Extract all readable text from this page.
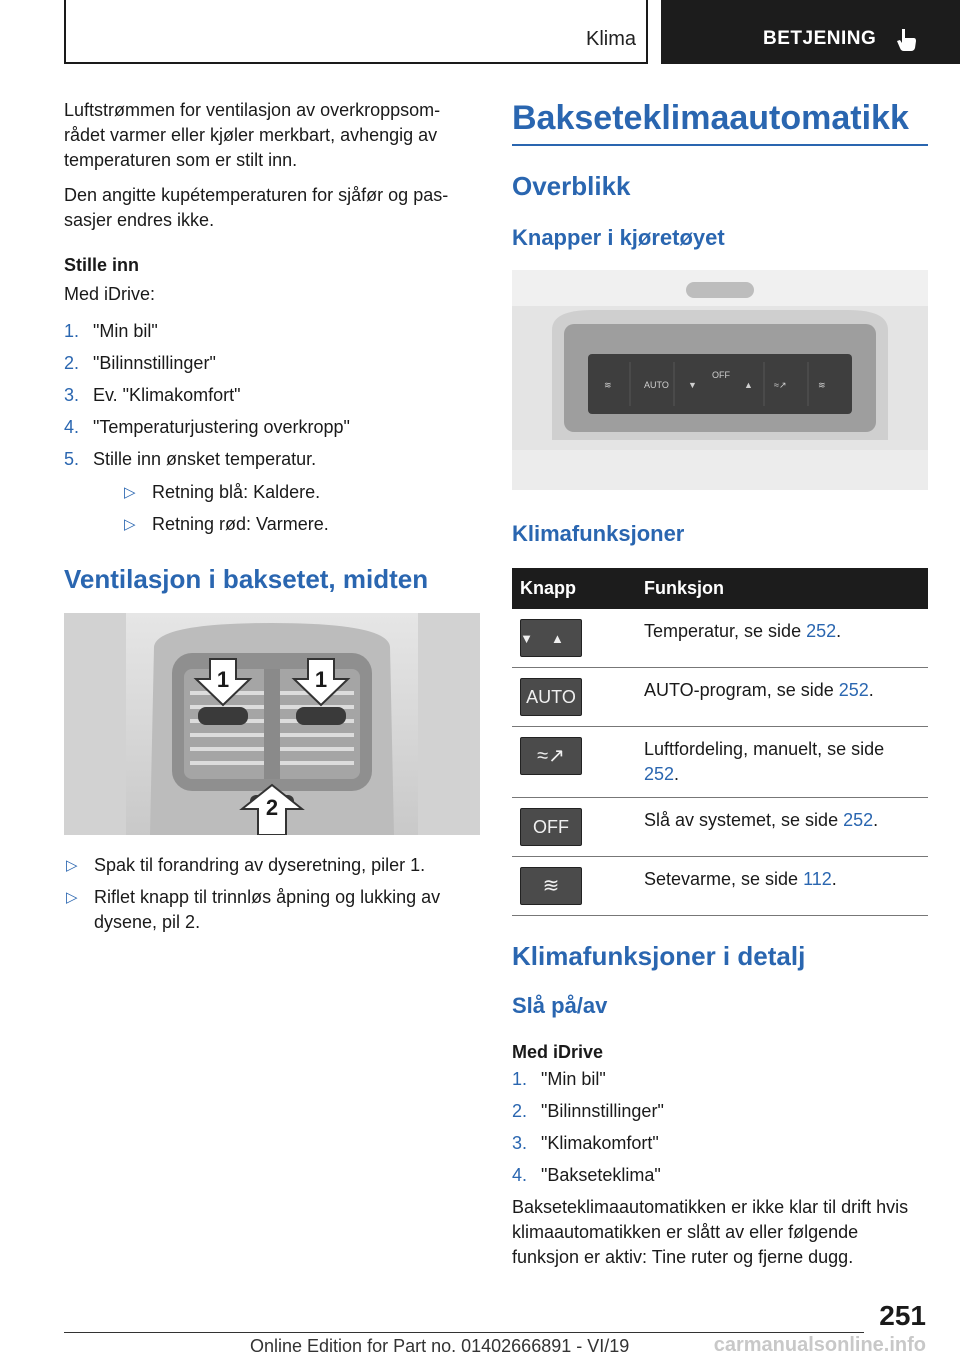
Klima	BETJENING

Luftstrømmen for ventilasjon av overkroppsom‐rådet varmer eller kjøler merkbart, avhengig av temperaturen som er stilt inn.

Den angitte kupétemperaturen for sjåfør og pas‐sasjer endres ikke.

Stille inn

Med iDrive:

1. "Min bil"
2. "Bilinnstillinger"
3. Ev. "Klimakomfort"
4. "Temperaturjustering overkropp"
5. Stille inn ønsket temperatur.
▷ Retning blå: Kaldere.
▷ Retning rød: Varmere.
Ventilasjon i baksetet, midten
1	1
2
▷ Spak til forandring av dyseretning, piler 1.
▷ Riflet knapp til trinnløs åpning og lukking av dysene, pil 2.
Bakseteklimaautomatikk
Overblikk
Knapper i kjøretøyet
≋	AUTO ▼
OFF
▲ ≈↗	≋
Klimafunksjoner
Knapp	Funksjon

▼▲	Temperatur, se side 252.

AUTO	AUTO-program, se side 252.

≈↗	Luftfordeling, manuelt, se side 252.

OFF	Slå av systemet, se side 252.

≋	Setevarme, se side 112.
Klimafunksjoner i detalj
Slå på/av
Med iDrive
1. "Min bil"
2. "Bilinnstillinger"
3. "Klimakomfort"
4. "Bakseteklima"

Bakseteklimaautomatikken er ikke klar til drift hvis klimaautomatikken er slått av eller følgende funksjon er aktiv: Tine ruter og fjerne dugg.

251
Online Edition for Part no. 01402666891 - VI/19	carmanualsonline.info
